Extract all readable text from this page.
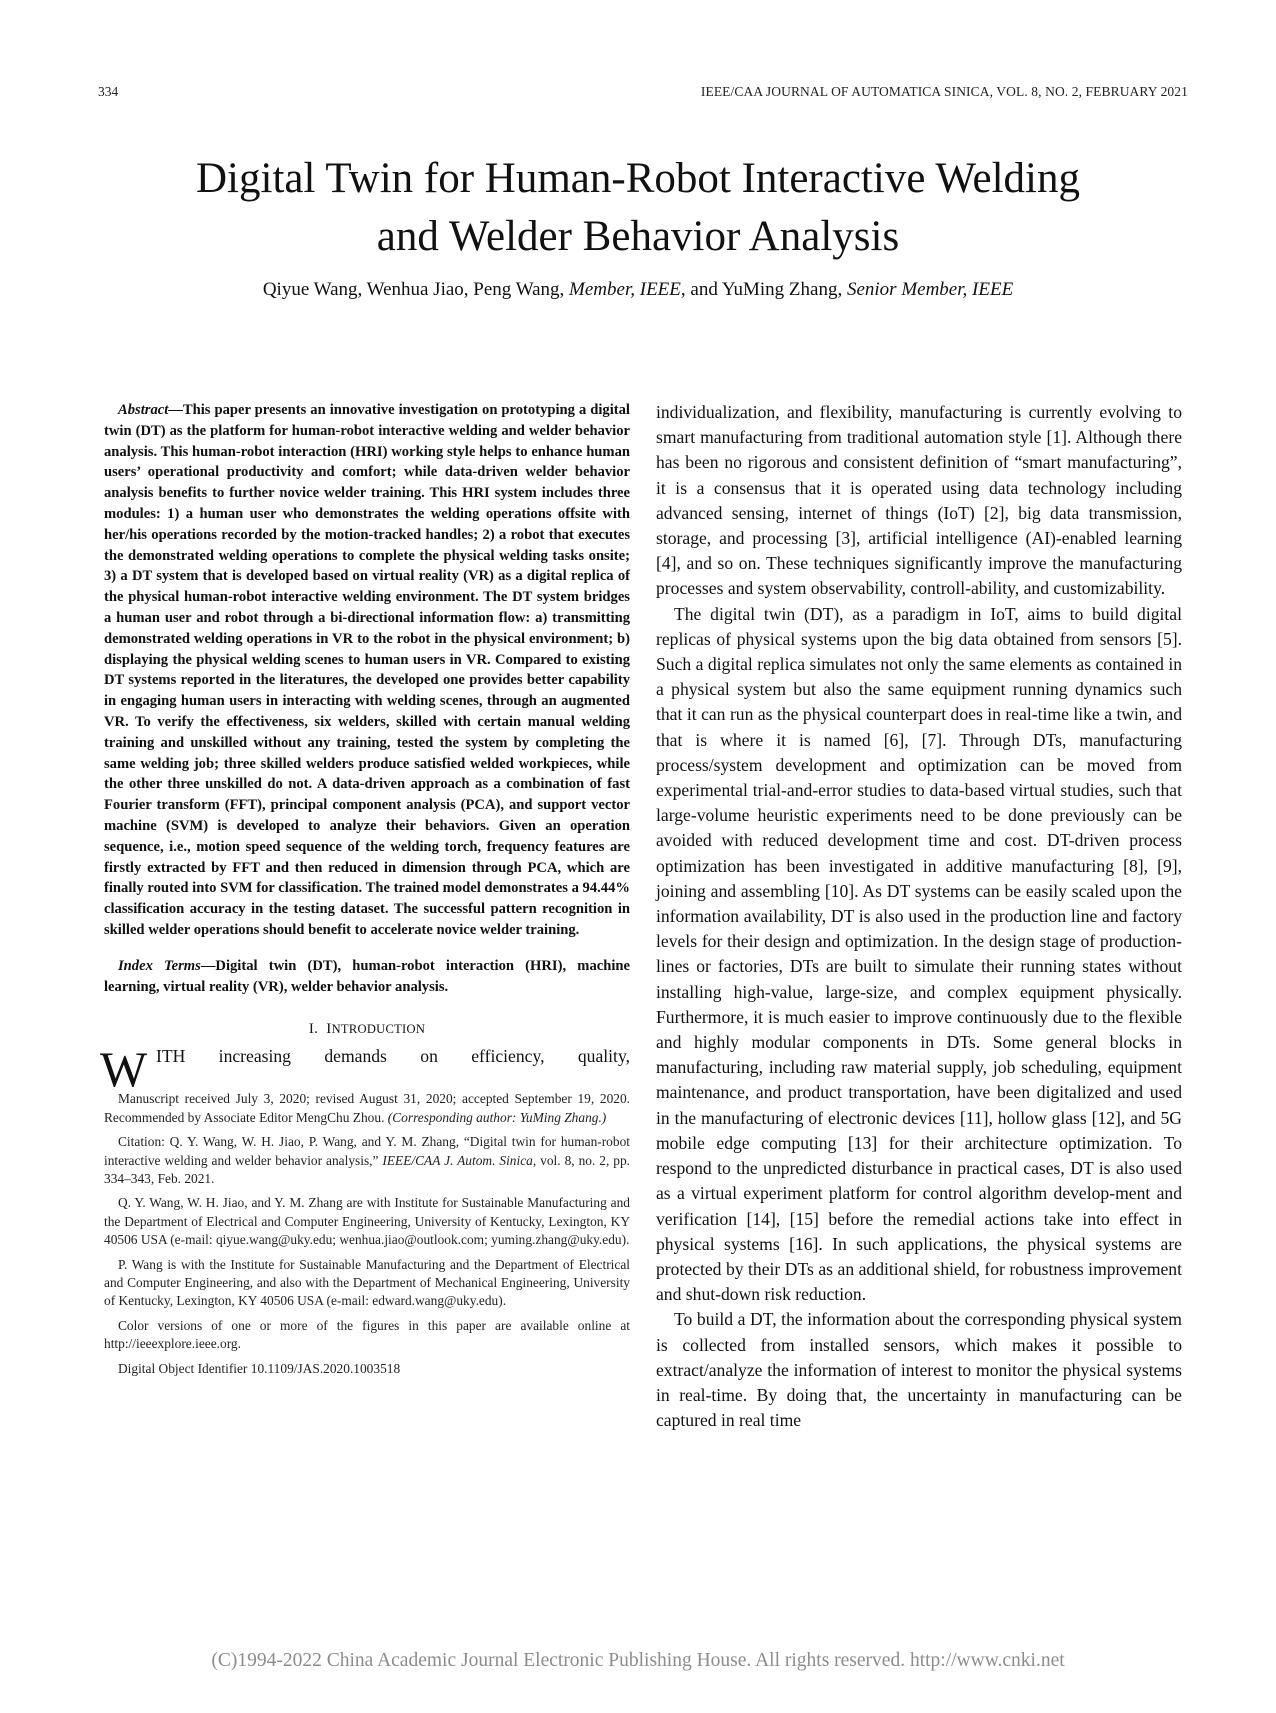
334	IEEE/CAA JOURNAL OF AUTOMATICA SINICA, VOL. 8, NO. 2, FEBRUARY 2021
Digital Twin for Human-Robot Interactive Welding
and Welder Behavior Analysis
Qiyue Wang, Wenhua Jiao, Peng Wang, Member, IEEE, and YuMing Zhang, Senior Member, IEEE

Abstract—This paper presents an innovative investigation on prototyping a digital twin (DT) as the platform for human-robot interactive welding and welder behavior analysis. This human-robot interaction (HRI) working style helps to enhance human users’ operational productivity and comfort; while data-driven welder behavior analysis benefits to further novice welder training. This HRI system includes three modules: 1) a human user who demonstrates the welding operations offsite with her/his operations recorded by the motion-tracked handles; 2) a robot that executes the demonstrated welding operations to complete the physical welding tasks onsite; 3) a DT system that is developed based on virtual reality (VR) as a digital replica of the physical human-robot interactive welding environment. The DT system bridges a human user and robot through a bi-directional information flow: a) transmitting demonstrated welding operations in VR to the robot in the physical environment; b) displaying the physical welding scenes to human users in VR. Compared to existing DT systems reported in the literatures, the developed one provides better capability in engaging human users in interacting with welding scenes, through an augmented VR. To verify the effectiveness, six welders, skilled with certain manual welding training and unskilled without any training, tested the system by completing the same welding job; three skilled welders produce satisfied welded workpieces, while the other three unskilled do not. A data-driven approach as a combination of fast Fourier transform (FFT), principal component analysis (PCA), and support vector machine (SVM) is developed to analyze their behaviors. Given an operation sequence, i.e., motion speed sequence of the welding torch, frequency features are firstly extracted by FFT and then reduced in dimension through PCA, which are finally routed into SVM for classification. The trained model demonstrates a 94.44% classification accuracy in the testing dataset. The successful pattern recognition in skilled welder operations should benefit to accelerate novice welder training.

Index Terms—Digital twin (DT), human-robot interaction (HRI), machine learning, virtual reality (VR), welder behavior analysis.

I. INTRODUCTION
W ITH increasing demands on efficiency, quality,

Manuscript received July 3, 2020; revised August 31, 2020; accepted September 19, 2020. Recommended by Associate Editor MengChu Zhou. (Corresponding author: YuMing Zhang.)

Citation: Q. Y. Wang, W. H. Jiao, P. Wang, and Y. M. Zhang, “Digital twin for human-robot interactive welding and welder behavior analysis,” IEEE/CAA J. Autom. Sinica, vol. 8, no. 2, pp. 334–343, Feb. 2021.

Q. Y. Wang, W. H. Jiao, and Y. M. Zhang are with Institute for Sustainable Manufacturing and the Department of Electrical and Computer Engineering, University of Kentucky, Lexington, KY 40506 USA (e-mail: qiyue.wang@uky.edu; wenhua.jiao@outlook.com; yuming.zhang@uky.edu).

P. Wang is with the Institute for Sustainable Manufacturing and the Department of Electrical and Computer Engineering, and also with the Department of Mechanical Engineering, University of Kentucky, Lexington, KY 40506 USA (e-mail: edward.wang@uky.edu).

Color versions of one or more of the figures in this paper are available online at http://ieeexplore.ieee.org.

Digital Object Identifier 10.1109/JAS.2020.1003518

individualization, and flexibility, manufacturing is currently evolving to smart manufacturing from traditional automation style [1]. Although there has been no rigorous and consistent definition of “smart manufacturing”, it is a consensus that it is operated using data technology including advanced sensing, internet of things (IoT) [2], big data transmission, storage, and processing [3], artificial intelligence (AI)-enabled learning [4], and so on. These techniques significantly improve the manufacturing processes and system observability, controll-ability, and customizability.

The digital twin (DT), as a paradigm in IoT, aims to build digital replicas of physical systems upon the big data obtained from sensors [5]. Such a digital replica simulates not only the same elements as contained in a physical system but also the same equipment running dynamics such that it can run as the physical counterpart does in real-time like a twin, and that is where it is named [6], [7]. Through DTs, manufacturing process/system development and optimization can be moved from experimental trial-and-error studies to data-based virtual studies, such that large-volume heuristic experiments need to be done previously can be avoided with reduced development time and cost. DT-driven process optimization has been investigated in additive manufacturing [8], [9], joining and assembling [10]. As DT systems can be easily scaled upon the information availability, DT is also used in the production line and factory levels for their design and optimization. In the design stage of production-lines or factories, DTs are built to simulate their running states without installing high-value, large-size, and complex equipment physically. Furthermore, it is much easier to improve continuously due to the flexible and highly modular components in DTs. Some general blocks in manufacturing, including raw material supply, job scheduling, equipment maintenance, and product transportation, have been digitalized and used in the manufacturing of electronic devices [11], hollow glass [12], and 5G mobile edge computing [13] for their architecture optimization. To respond to the unpredicted disturbance in practical cases, DT is also used as a virtual experiment platform for control algorithm develop-ment and verification [14], [15] before the remedial actions take into effect in physical systems [16]. In such applications, the physical systems are protected by their DTs as an additional shield, for robustness improvement and shut-down risk reduction.

To build a DT, the information about the corresponding physical system is collected from installed sensors, which makes it possible to extract/analyze the information of interest to monitor the physical systems in real-time. By doing that, the uncertainty in manufacturing can be captured in real time

(C)1994-2022 China Academic Journal Electronic Publishing House. All rights reserved. http://www.cnki.net
